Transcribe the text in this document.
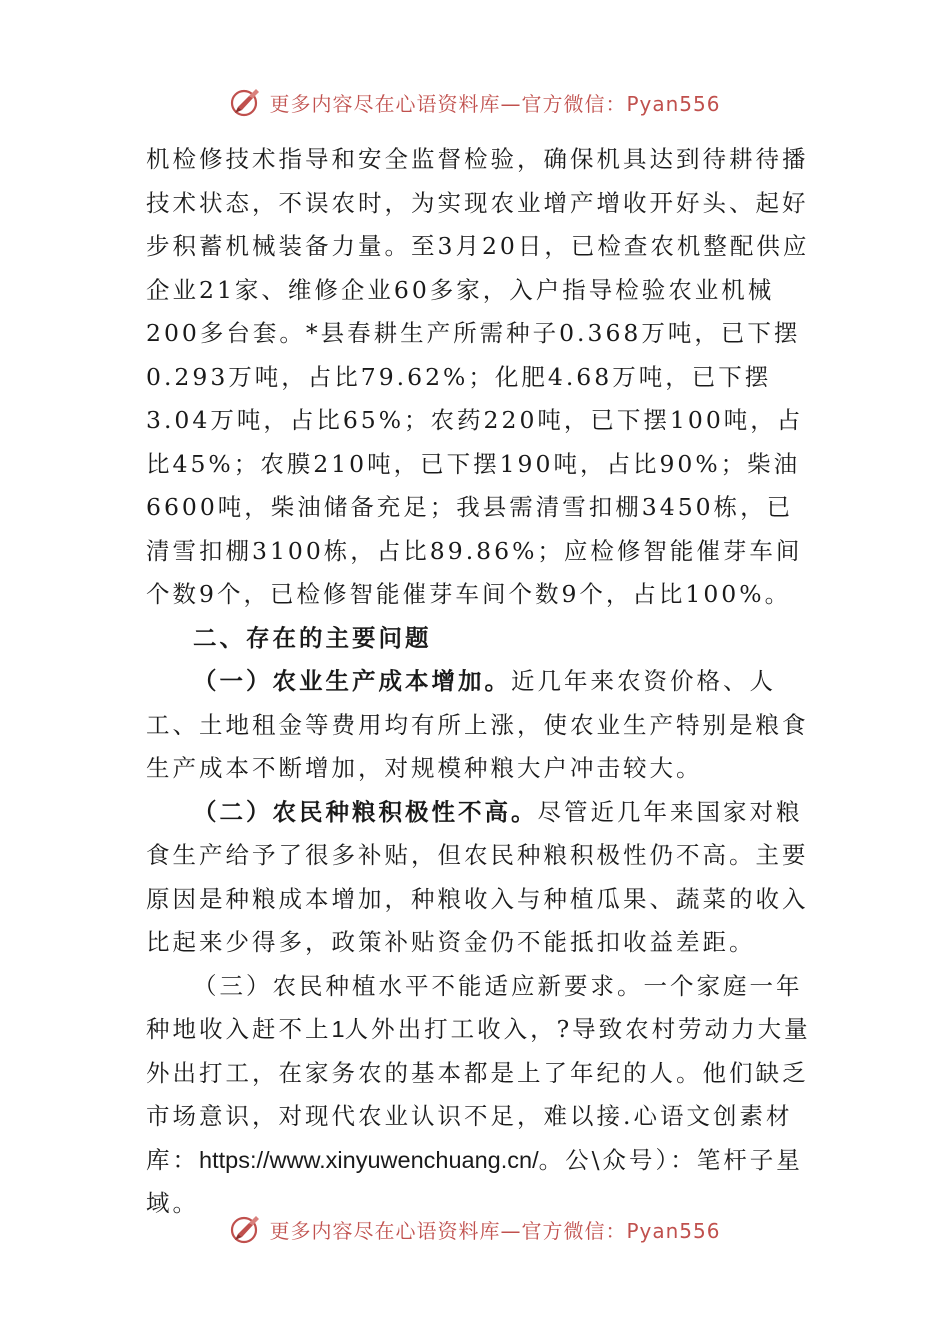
更多内容尽在心语资料库—官方微信：Pyan556

机检修技术指导和安全监督检验，确保机具达到待耕待播技术状态，不误农时，为实现农业增产增收开好头、起好步积蓄机械装备力量。至3月20日，已检查农机整配供应企业21家、维修企业60多家，入户指导检验农业机械200多台套。*县春耕生产所需种子0.368万吨，已下摆0.293万吨，占比79.62%；化肥4.68万吨，已下摆3.04万吨，占比65%；农药220吨，已下摆100吨，占比45%；农膜210吨，已下摆190吨，占比90%；柴油6600吨，柴油储备充足；我县需清雪扣棚3450栋，已清雪扣棚3100栋，占比89.86%；应检修智能催芽车间个数9个，已检修智能催芽车间个数9个，占比100%。

二、存在的主要问题

（一）农业生产成本增加。近几年来农资价格、人工、土地租金等费用均有所上涨，使农业生产特别是粮食生产成本不断增加，对规模种粮大户冲击较大。

（二）农民种粮积极性不高。尽管近几年来国家对粮食生产给予了很多补贴，但农民种粮积极性仍不高。主要原因是种粮成本增加，种粮收入与种植瓜果、蔬菜的收入比起来少得多，政策补贴资金仍不能抵扣收益差距。

（三）农民种植水平不能适应新要求。一个家庭一年种地收入赶不上1人外出打工收入，?导致农村劳动力大量外出打工，在家务农的基本都是上了年纪的人。他们缺乏市场意识，对现代农业认识不足，难以接.心语文创素材库：https://www.xinyuwenchuang.cn/。公\众号）：笔杆子星域。

更多内容尽在心语资料库—官方微信：Pyan556
